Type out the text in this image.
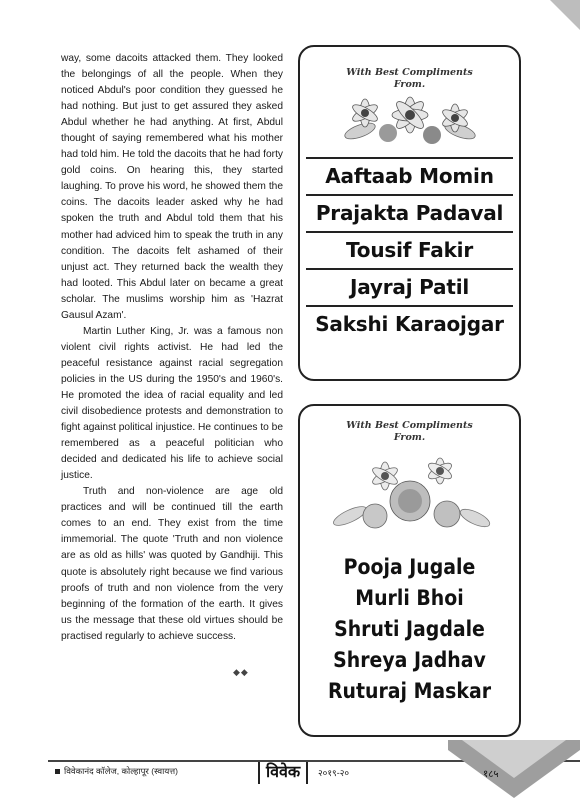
way, some dacoits attacked them. They looked the belongings of all the people. When they noticed Abdul's poor condition they guessed he had nothing. But just to get assured they asked Abdul whether he had anything. At first, Abdul thought of saying remembered what his mother had told him. He told the dacoits that he had forty gold coins. On hearing this, they started laughing. To prove his word, he showed them the coins. The dacoits leader asked why he had spoken the truth and Abdul told them that his mother had adviced him to speak the truth in any condition. The dacoits felt ashamed of their unjust act. They returned back the wealth they had looted. This Abdul later on became a great scholar. The muslims worship him as 'Hazrat Gausul Azam'.

Martin Luther King, Jr. was a famous non violent civil rights activist. He had led the peaceful resistance against racial segregation policies in the US during the 1950's and 1960's. He promoted the idea of racial equality and led civil disobedience protests and demonstration to fight against political injustice. He continues to be remembered as a peaceful politician who decided and dedicated his life to achieve social justice.

Truth and non-violence are age old practices and will be continued till the earth comes to an end. They exist from the time immemorial. The quote 'Truth and non violence are as old as hills' was quoted by Gandhiji. This quote is absolutely right because we find various proofs of truth and non violence from the very beginning of the formation of the earth. It gives us the message that these old virtues should be practised regularly to achieve success.

◆◆
With Best Compliments
From.
Aaftaab Momin
Prajakta Padaval
Tousif Fakir
Jayraj Patil
Sakshi Karaojgar
With Best Compliments
From.
Pooja Jugale
Murli Bhoi
Shruti Jagdale
Shreya Jadhav
Ruturaj Maskar
विवेकानंद कॉलेज, कोल्हापूर (स्वायत्त)	विवेक	२०१९-२०	१८५
